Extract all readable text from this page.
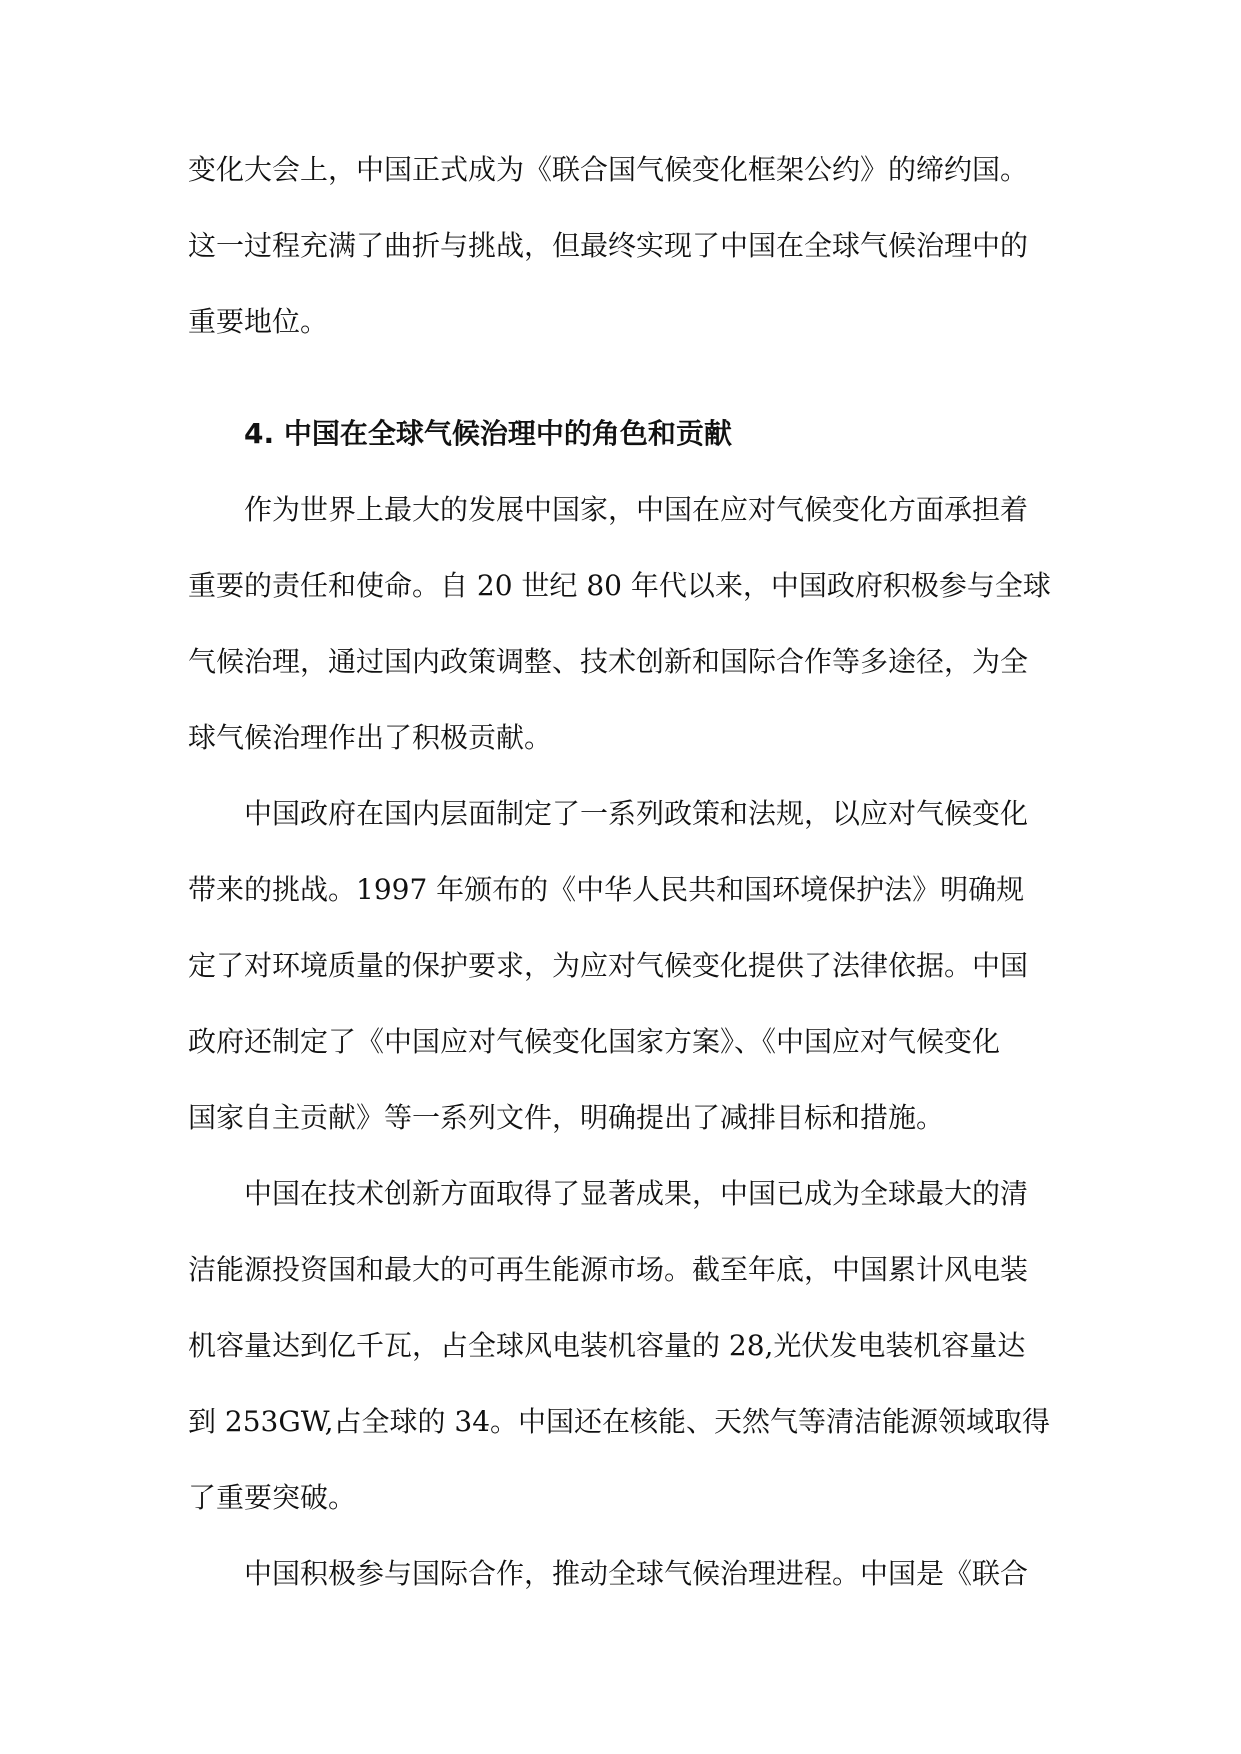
变化大会上，中国正式成为《联合国气候变化框架公约》的缔约国。
这一过程充满了曲折与挑战，但最终实现了中国在全球气候治理中的
重要地位。
4. 中国在全球气候治理中的角色和贡献
作为世界上最大的发展中国家，中国在应对气候变化方面承担着
重要的责任和使命。自 20 世纪 80 年代以来，中国政府积极参与全球
气候治理，通过国内政策调整、技术创新和国际合作等多途径，为全
球气候治理作出了积极贡献。
中国政府在国内层面制定了一系列政策和法规，以应对气候变化
带来的挑战。1997 年颁布的《中华人民共和国环境保护法》明确规
定了对环境质量的保护要求，为应对气候变化提供了法律依据。中国
政府还制定了《中国应对气候变化国家方案》、《中国应对气候变化
国家自主贡献》等一系列文件，明确提出了减排目标和措施。
中国在技术创新方面取得了显著成果，中国已成为全球最大的清
洁能源投资国和最大的可再生能源市场。截至年底，中国累计风电装
机容量达到亿千瓦，占全球风电装机容量的 28,光伏发电装机容量达
到 253GW,占全球的 34。中国还在核能、天然气等清洁能源领域取得
了重要突破。
中国积极参与国际合作，推动全球气候治理进程。中国是《联合
